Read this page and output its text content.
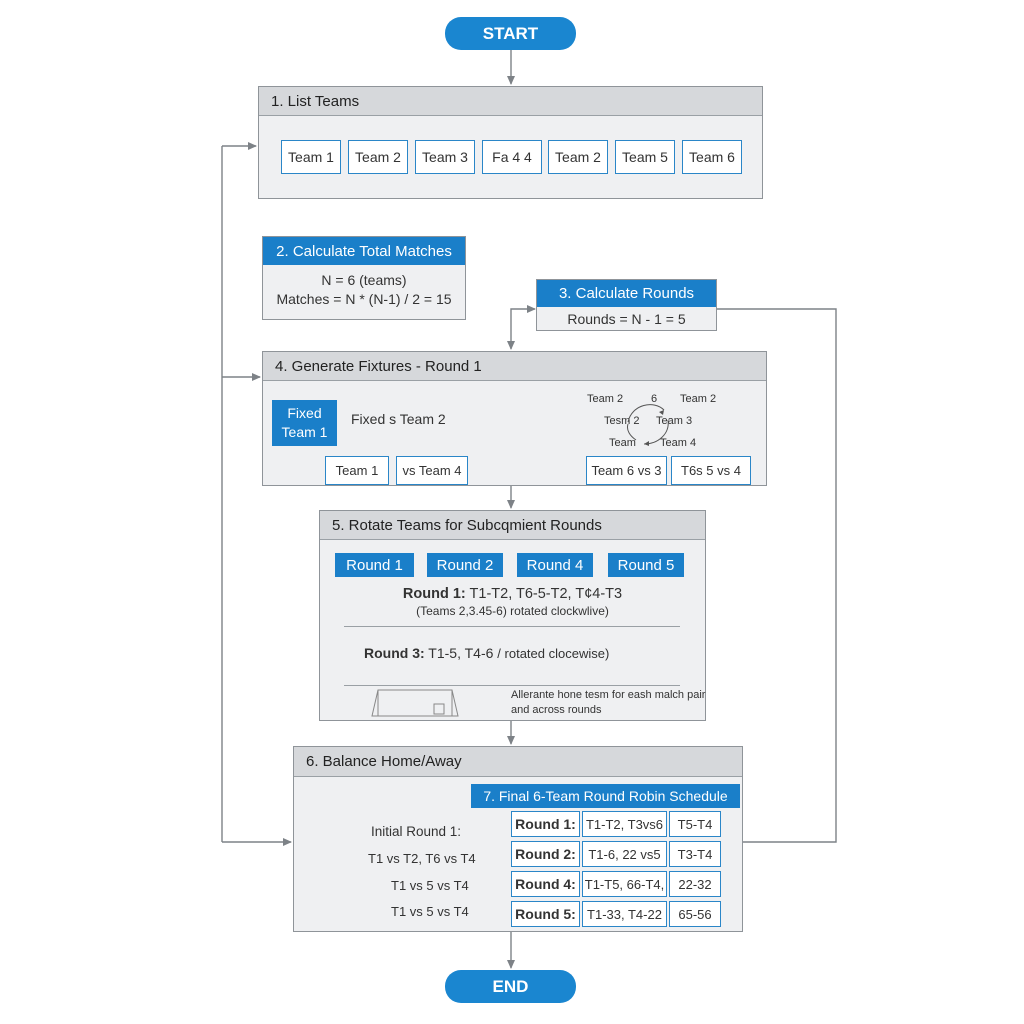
START
END
1. List Teams
Team 1	Team 2	Team 3	Fa 4 4	Team 2	Team 5	Team 6
2. Calculate Total Matches
N = 6 (teams)
Matches = N * (N-1) / 2 = 15	3. Calculate Rounds
Rounds = N - 1 = 5
4. Generate Fixtures - Round 1
Fixed
Team 1
Fixed s Team 2
Team 1	vs Team 4	Team 6 vs 3	T6s 5 vs 4
Team 2	6 Team 2
Tesm 2 Team 3
Team Team 4
5. Rotate Teams for Subcqmient Rounds
Round 1	Round 2	Round 4	Round 5
Round 1: T1-T2, T6-5-T2, T¢4-T3
(Teams 2,3.45-6) rotated clockwlive)
Round 3: T1-5, T4-6 / rotated clocewise)
Allerante hone tesm for eash malch pair
and across rounds
6. Balance Home/Away
Initial Round 1:
T1 vs T2, T6 vs T4
T1 vs 5 vs T4
T1 vs 5 vs T4
7. Final 6-Team Round Robin Schedule
Round 1: T1-T2, T3vs6	T5-T4
Round 2: T1-6, 22 vs5	T3-T4
Round 4: T1-T5, 66-T4,	22-32
Round 5: T1-33, T4-22	65-56
